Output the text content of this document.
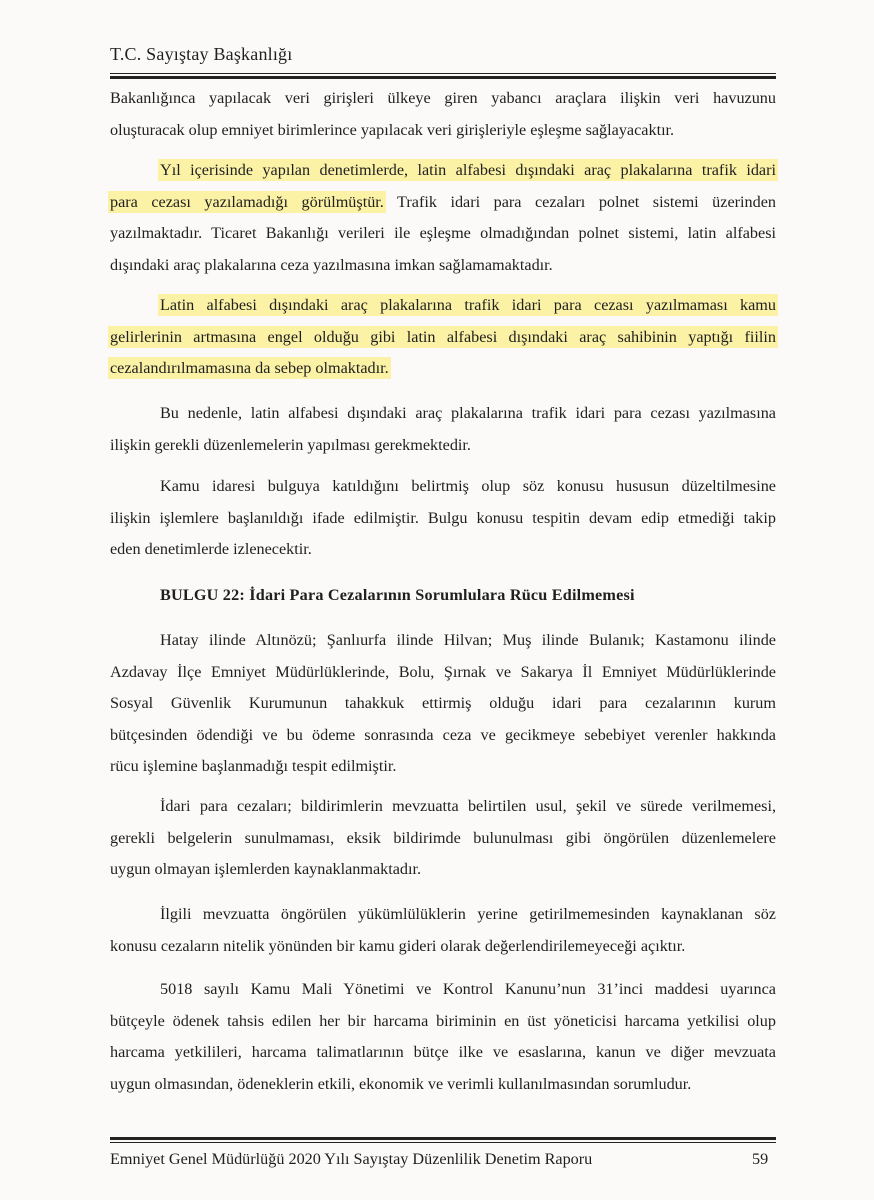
T.C. Sayıştay Başkanlığı
Bakanlığınca yapılacak veri girişleri ülkeye giren yabancı araçlara ilişkin veri havuzunu
oluşturacak olup emniyet birimlerince yapılacak veri girişleriyle eşleşme sağlayacaktır.
Yıl içerisinde yapılan denetimlerde, latin alfabesi dışındaki araç plakalarına trafik idari
para cezası yazılamadığı görülmüştür. Trafik idari para cezaları polnet sistemi üzerinden
yazılmaktadır. Ticaret Bakanlığı verileri ile eşleşme olmadığından polnet sistemi, latin alfabesi
dışındaki araç plakalarına ceza yazılmasına imkan sağlamamaktadır.
Latin alfabesi dışındaki araç plakalarına trafik idari para cezası yazılmaması kamu
gelirlerinin artmasına engel olduğu gibi latin alfabesi dışındaki araç sahibinin yaptığı fiilin
cezalandırılmamasına da sebep olmaktadır.
Bu nedenle, latin alfabesi dışındaki araç plakalarına trafik idari para cezası yazılmasına
ilişkin gerekli düzenlemelerin yapılması gerekmektedir.
Kamu idaresi bulguya katıldığını belirtmiş olup söz konusu hususun düzeltilmesine
ilişkin işlemlere başlanıldığı ifade edilmiştir. Bulgu konusu tespitin devam edip etmediği takip
eden denetimlerde izlenecektir.
BULGU 22: İdari Para Cezalarının Sorumlulara Rücu Edilmemesi
Hatay ilinde Altınözü; Şanlıurfa ilinde Hilvan; Muş ilinde Bulanık; Kastamonu ilinde
Azdavay İlçe Emniyet Müdürlüklerinde, Bolu, Şırnak ve Sakarya İl Emniyet Müdürlüklerinde
Sosyal Güvenlik Kurumunun tahakkuk ettirmiş olduğu idari para cezalarının kurum
bütçesinden ödendiği ve bu ödeme sonrasında ceza ve gecikmeye sebebiyet verenler hakkında
rücu işlemine başlanmadığı tespit edilmiştir.
İdari para cezaları; bildirimlerin mevzuatta belirtilen usul, şekil ve sürede verilmemesi,
gerekli belgelerin sunulmaması, eksik bildirimde bulunulması gibi öngörülen düzenlemelere
uygun olmayan işlemlerden kaynaklanmaktadır.
İlgili mevzuatta öngörülen yükümlülüklerin yerine getirilmemesinden kaynaklanan söz
konusu cezaların nitelik yönünden bir kamu gideri olarak değerlendirilemeyeceği açıktır.
5018 sayılı Kamu Mali Yönetimi ve Kontrol Kanunu’nun 31’inci maddesi uyarınca
bütçeyle ödenek tahsis edilen her bir harcama biriminin en üst yöneticisi harcama yetkilisi olup
harcama yetkilileri, harcama talimatlarının bütçe ilke ve esaslarına, kanun ve diğer mevzuata
uygun olmasından, ödeneklerin etkili, ekonomik ve verimli kullanılmasından sorumludur.
Emniyet Genel Müdürlüğü 2020 Yılı Sayıştay Düzenlilik Denetim Raporu	59
